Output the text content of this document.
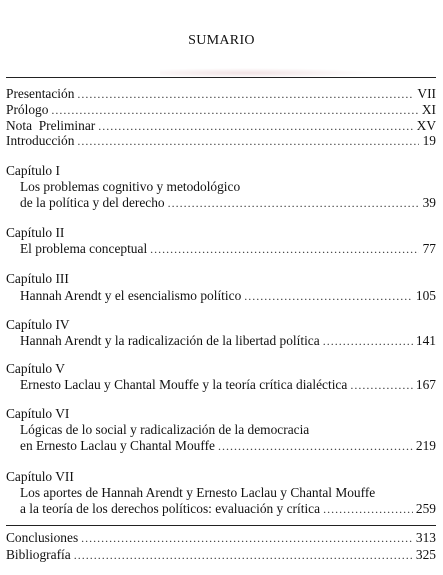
SUMARIO
Presentación .....	VII
Prólogo .....	XI
Nota  Preliminar .....	XV
Introducción .....	19
Capítulo I
Los problemas cognitivo y metodológico
de la política y del derecho .....	39
Capítulo II
El problema conceptual .....	77
Capítulo III
Hannah Arendt y el esencialismo político .....	105
Capítulo IV
Hannah Arendt y la radicalización de la libertad política .....	141
Capítulo V
Ernesto Laclau y Chantal Mouffe y la teoría crítica dialéctica .....	167
Capítulo VI
Lógicas de lo social y radicalización de la democracia
en Ernesto Laclau y Chantal Mouffe .....	219
Capítulo VII
Los aportes de Hannah Arendt y Ernesto Laclau y Chantal Mouffe
a la teoría de los derechos políticos: evaluación y crítica .....	259
Conclusiones .....	313
Bibliografía .....	325
